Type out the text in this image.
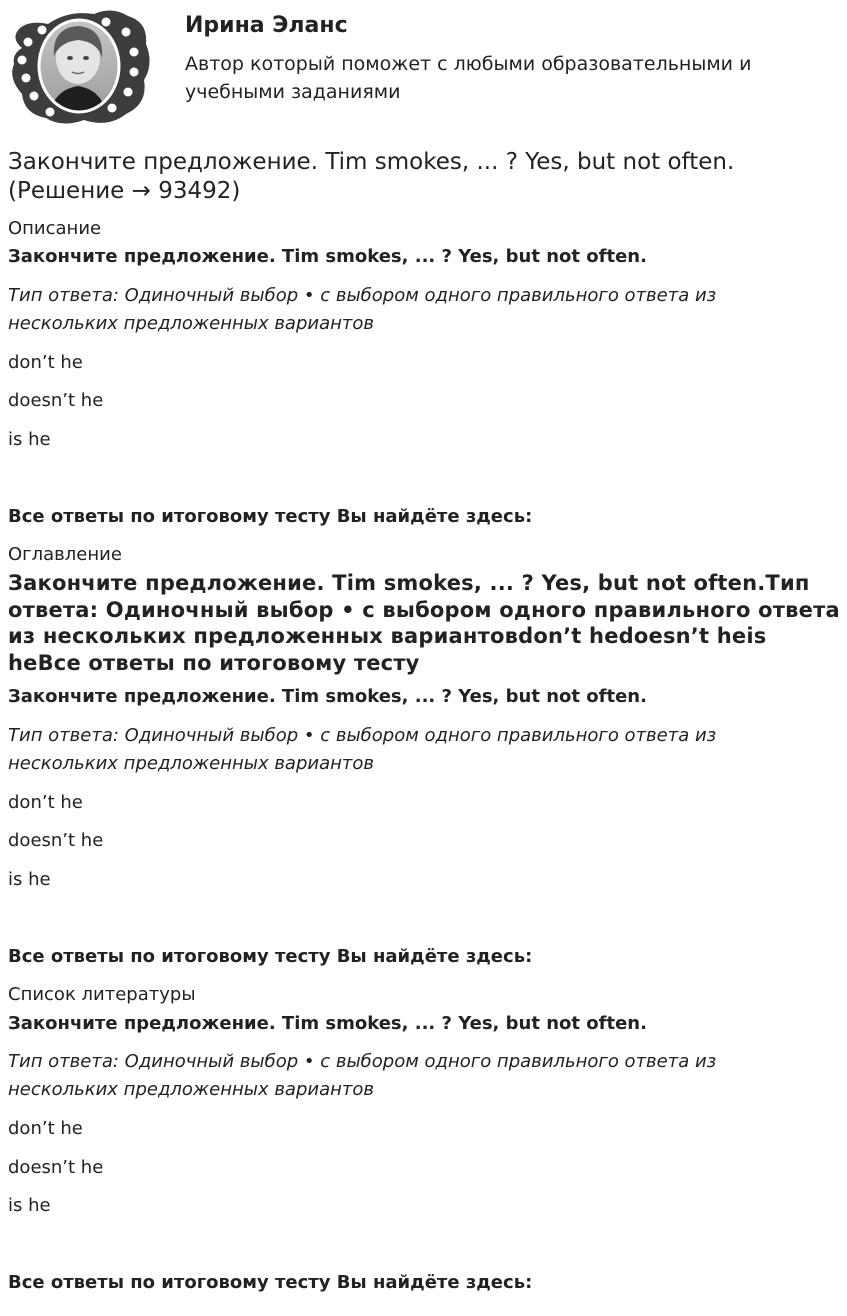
Ирина Эланс
Автор который поможет с любыми образовательными и учебными заданиями
Закончите предложение. Tim smokes, ... ? Yes, but not often. (Решение → 93492)
Описание
Закончите предложение. Tim smokes, ... ? Yes, but not often.
Тип ответа: Одиночный выбор • с выбором одного правильного ответа из нескольких предложенных вариантов
don’t he
doesn’t he
is he
Все ответы по итоговому тесту Вы найдёте здесь:
Оглавление
Закончите предложение. Tim smokes, ... ? Yes, but not often.Тип ответа: Одиночный выбор • с выбором одного правильного ответа из нескольких предложенных вариантовdon’t hedoesn’t heis heВсе ответы по итоговому тесту
Закончите предложение. Tim smokes, ... ? Yes, but not often.
Тип ответа: Одиночный выбор • с выбором одного правильного ответа из нескольких предложенных вариантов
don’t he
doesn’t he
is he
Все ответы по итоговому тесту Вы найдёте здесь:
Список литературы
Закончите предложение. Tim smokes, ... ? Yes, but not often.
Тип ответа: Одиночный выбор • с выбором одного правильного ответа из нескольких предложенных вариантов
don’t he
doesn’t he
is he
Все ответы по итоговому тесту Вы найдёте здесь:
